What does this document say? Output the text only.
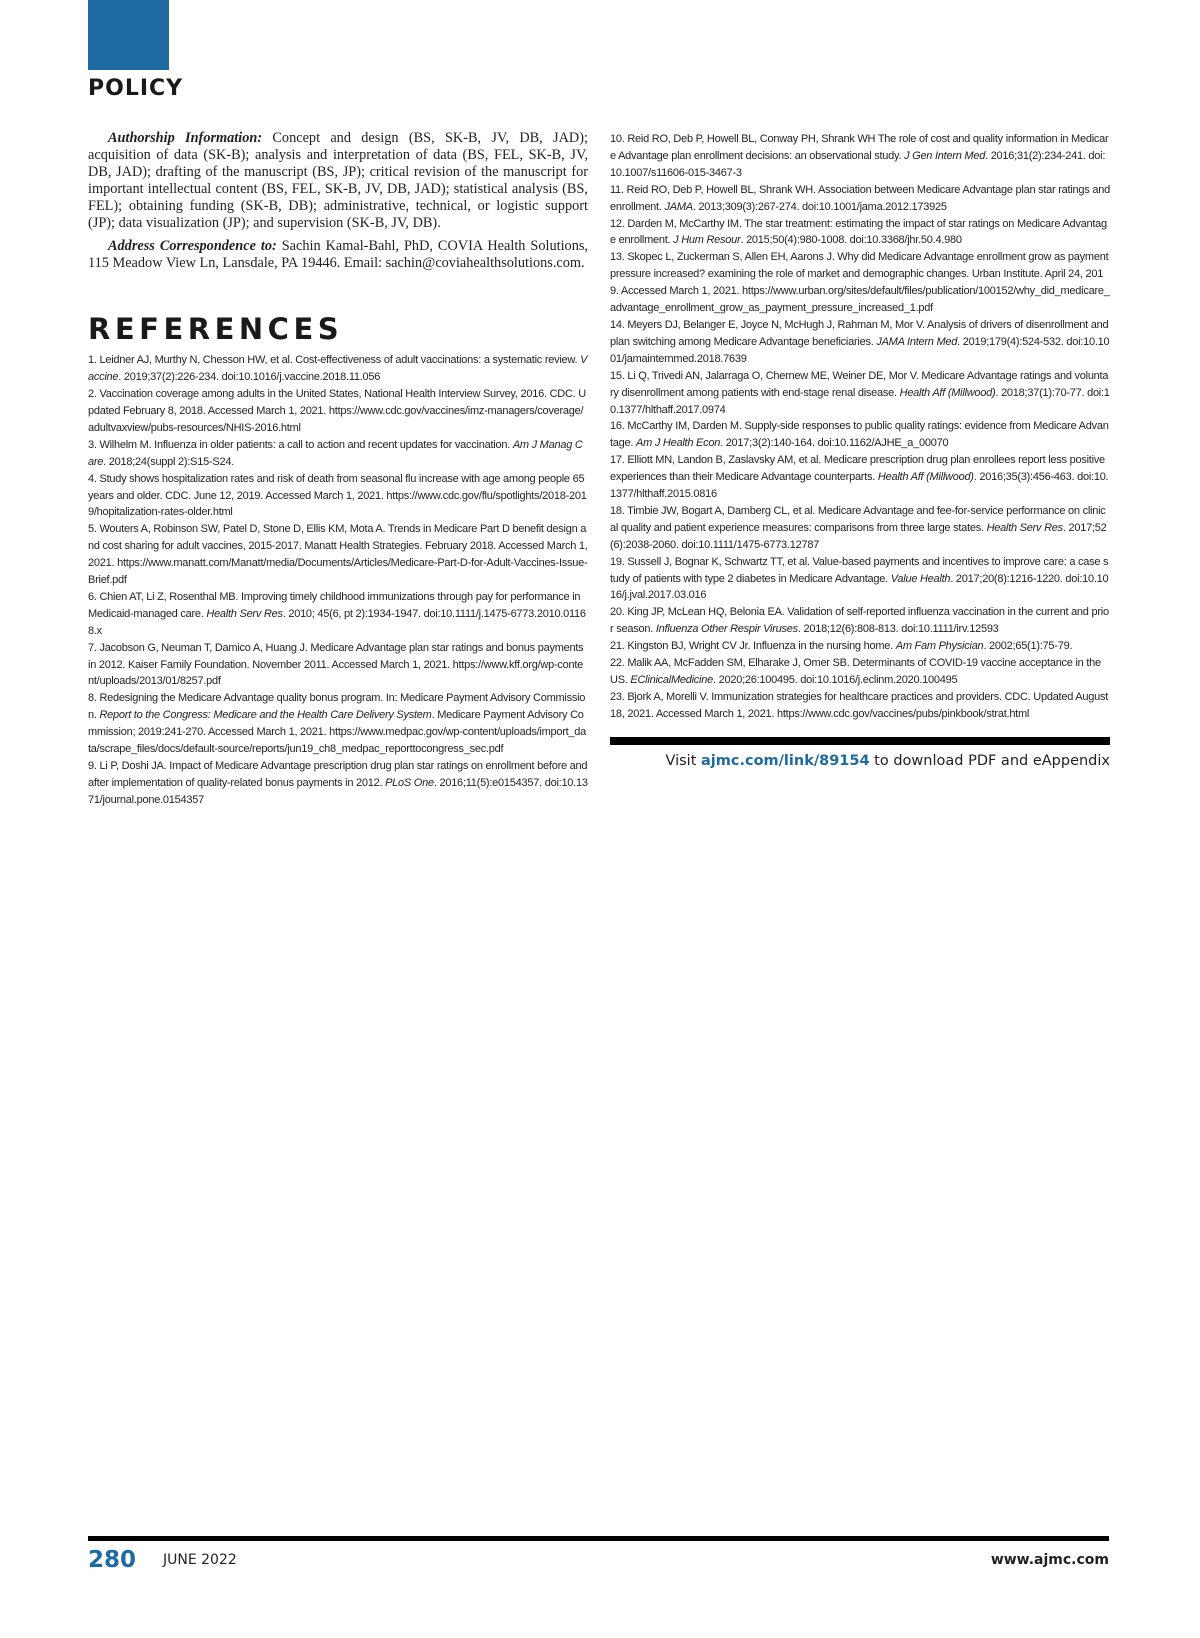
POLICY

Authorship Information: Concept and design (BS, SK-B, JV, DB, JAD); acquisition of data (SK-B); analysis and interpretation of data (BS, FEL, SK-B, JV, DB, JAD); drafting of the manuscript (BS, JP); critical revision of the manuscript for important intellectual content (BS, FEL, SK-B, JV, DB, JAD); statistical analysis (BS, FEL); obtaining funding (SK-B, DB); administrative, technical, or logistic support (JP); data visualization (JP); and supervision (SK-B, JV, DB).

Address Correspondence to: Sachin Kamal-Bahl, PhD, COVIA Health Solutions, 115 Meadow View Ln, Lansdale, PA 19446. Email: sachin@coviahealthsolutions.com.

REFERENCES
1. Leidner AJ, Murthy N, Chesson HW, et al. Cost-effectiveness of adult vaccinations: a systematic review. Vaccine. 2019;37(2):226-234. doi:10.1016/j.vaccine.2018.11.056
2. Vaccination coverage among adults in the United States, National Health Interview Survey, 2016. CDC. Updated February 8, 2018. Accessed March 1, 2021. https://www.cdc.gov/vaccines/imz-managers/coverage/adultvaxview/pubs-resources/NHIS-2016.html
3. Wilhelm M. Influenza in older patients: a call to action and recent updates for vaccination. Am J Manag Care. 2018;24(suppl 2):S15-S24.
4. Study shows hospitalization rates and risk of death from seasonal flu increase with age among people 65 years and older. CDC. June 12, 2019. Accessed March 1, 2021. https://www.cdc.gov/flu/spotlights/2018-2019/hopitalization-rates-older.html
5. Wouters A, Robinson SW, Patel D, Stone D, Ellis KM, Mota A. Trends in Medicare Part D benefit design and cost sharing for adult vaccines, 2015-2017. Manatt Health Strategies. February 2018. Accessed March 1, 2021. https://www.manatt.com/Manatt/media/Documents/Articles/Medicare-Part-D-for-Adult-Vaccines-Issue-Brief.pdf
6. Chien AT, Li Z, Rosenthal MB. Improving timely childhood immunizations through pay for performance in Medicaid-managed care. Health Serv Res. 2010; 45(6, pt 2):1934-1947. doi:10.1111/j.1475-6773.2010.01168.x
7. Jacobson G, Neuman T, Damico A, Huang J. Medicare Advantage plan star ratings and bonus payments in 2012. Kaiser Family Foundation. November 2011. Accessed March 1, 2021. https://www.kff.org/wp-content/uploads/2013/01/8257.pdf
8. Redesigning the Medicare Advantage quality bonus program. In: Medicare Payment Advisory Commission. Report to the Congress: Medicare and the Health Care Delivery System. Medicare Payment Advisory Commission; 2019:241-270. Accessed March 1, 2021. https://www.medpac.gov/wp-content/uploads/import_data/scrape_files/docs/default-source/reports/jun19_ch8_medpac_reporttocongress_sec.pdf
9. Li P, Doshi JA. Impact of Medicare Advantage prescription drug plan star ratings on enrollment before and after implementation of quality-related bonus payments in 2012. PLoS One. 2016;11(5):e0154357. doi:10.1371/journal.pone.0154357
10. Reid RO, Deb P, Howell BL, Conway PH, Shrank WH The role of cost and quality information in Medicare Advantage plan enrollment decisions: an observational study. J Gen Intern Med. 2016;31(2):234-241. doi: 10.1007/s11606-015-3467-3
11. Reid RO, Deb P, Howell BL, Shrank WH. Association between Medicare Advantage plan star ratings and enrollment. JAMA. 2013;309(3):267-274. doi:10.1001/jama.2012.173925
12. Darden M, McCarthy IM. The star treatment: estimating the impact of star ratings on Medicare Advantage enrollment. J Hum Resour. 2015;50(4):980-1008. doi:10.3368/jhr.50.4.980
13. Skopec L, Zuckerman S, Allen EH, Aarons J. Why did Medicare Advantage enrollment grow as payment pressure increased? examining the role of market and demographic changes. Urban Institute. April 24, 2019. Accessed March 1, 2021. https://www.urban.org/sites/default/files/publication/100152/why_did_medicare_advantage_enrollment_grow_as_payment_pressure_increased_1.pdf
14. Meyers DJ, Belanger E, Joyce N, McHugh J, Rahman M, Mor V. Analysis of drivers of disenrollment and plan switching among Medicare Advantage beneficiaries. JAMA Intern Med. 2019;179(4):524-532. doi:10.1001/jamainternmed.2018.7639
15. Li Q, Trivedi AN, Jalarraga O, Chernew ME, Weiner DE, Mor V. Medicare Advantage ratings and voluntary disenrollment among patients with end-stage renal disease. Health Aff (Millwood). 2018;37(1):70-77. doi:10.1377/hlthaff.2017.0974
16. McCarthy IM, Darden M. Supply-side responses to public quality ratings: evidence from Medicare Advantage. Am J Health Econ. 2017;3(2):140-164. doi:10.1162/AJHE_a_00070
17. Elliott MN, Landon B, Zaslavsky AM, et al. Medicare prescription drug plan enrollees report less positive experiences than their Medicare Advantage counterparts. Health Aff (Millwood). 2016;35(3):456-463. doi:10.1377/hlthaff.2015.0816
18. Timbie JW, Bogart A, Damberg CL, et al. Medicare Advantage and fee-for-service performance on clinical quality and patient experience measures: comparisons from three large states. Health Serv Res. 2017;52(6):2038-2060. doi:10.1111/1475-6773.12787
19. Sussell J, Bognar K, Schwartz TT, et al. Value-based payments and incentives to improve care: a case study of patients with type 2 diabetes in Medicare Advantage. Value Health. 2017;20(8):1216-1220. doi:10.1016/j.jval.2017.03.016
20. King JP, McLean HQ, Belonia EA. Validation of self-reported influenza vaccination in the current and prior season. Influenza Other Respir Viruses. 2018;12(6):808-813. doi:10.1111/irv.12593
21. Kingston BJ, Wright CV Jr. Influenza in the nursing home. Am Fam Physician. 2002;65(1):75-79.
22. Malik AA, McFadden SM, Elharake J, Omer SB. Determinants of COVID-19 vaccine acceptance in the US. EClinicalMedicine. 2020;26:100495. doi:10.1016/j.eclinm.2020.100495
23. Bjork A, Morelli V. Immunization strategies for healthcare practices and providers. CDC. Updated August 18, 2021. Accessed March 1, 2021. https://www.cdc.gov/vaccines/pubs/pinkbook/strat.html
Visit ajmc.com/link/89154 to download PDF and eAppendix
280 JUNE 2022	www.ajmc.com
